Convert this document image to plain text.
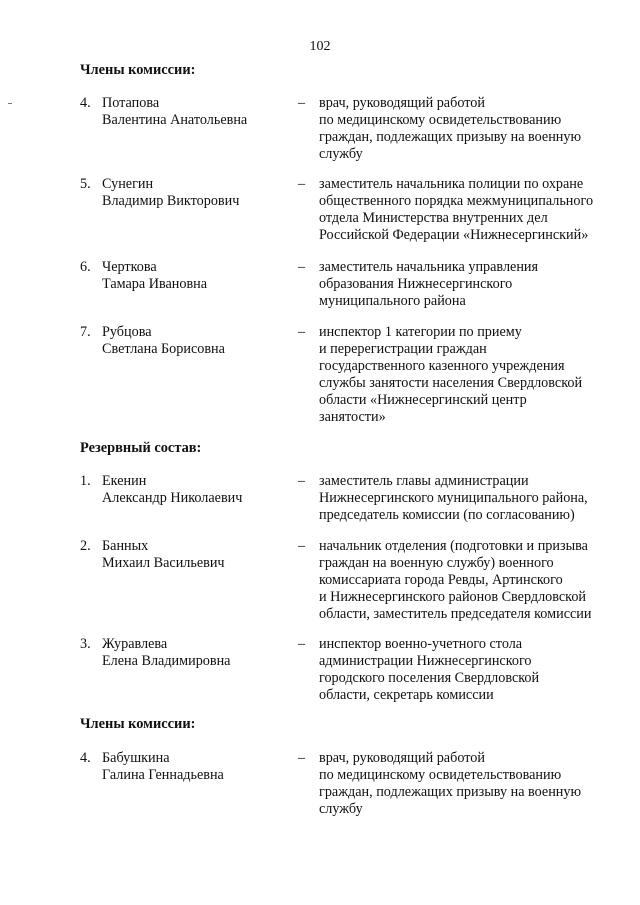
102
Члены комиссии:
4. Потапова
Валентина Анатольевна
– врач, руководящий работой
по медицинскому освидетельствованию
граждан, подлежащих призыву на военную
службу
5. Сунегин
Владимир Викторович
– заместитель начальника полиции по охране
общественного порядка межмуниципального
отдела Министерства внутренних дел
Российской Федерации «Нижнесергинский»
6. Черткова
Тамара Ивановна
– заместитель начальника управления
образования Нижнесергинского
муниципального района
7. Рубцова
Светлана Борисовна
– инспектор 1 категории по приему
и перерегистрации граждан
государственного казенного учреждения
службы занятости населения Свердловской
области «Нижнесергинский центр
занятости»
Резервный состав:
1. Екенин
Александр Николаевич
– заместитель главы администрации
Нижнесергинского муниципального района,
председатель комиссии (по согласованию)
2. Банных
Михаил Васильевич
– начальник отделения (подготовки и призыва
граждан на военную службу) военного
комиссариата города Ревды, Артинского
и Нижнесергинского районов Свердловской
области, заместитель председателя комиссии
3. Журавлева
Елена Владимировна
– инспектор военно-учетного стола
администрации Нижнесергинского
городского поселения Свердловской
области, секретарь комиссии
Члены комиссии:
4. Бабушкина
Галина Геннадьевна
– врач, руководящий работой
по медицинскому освидетельствованию
граждан, подлежащих призыву на военную
службу
